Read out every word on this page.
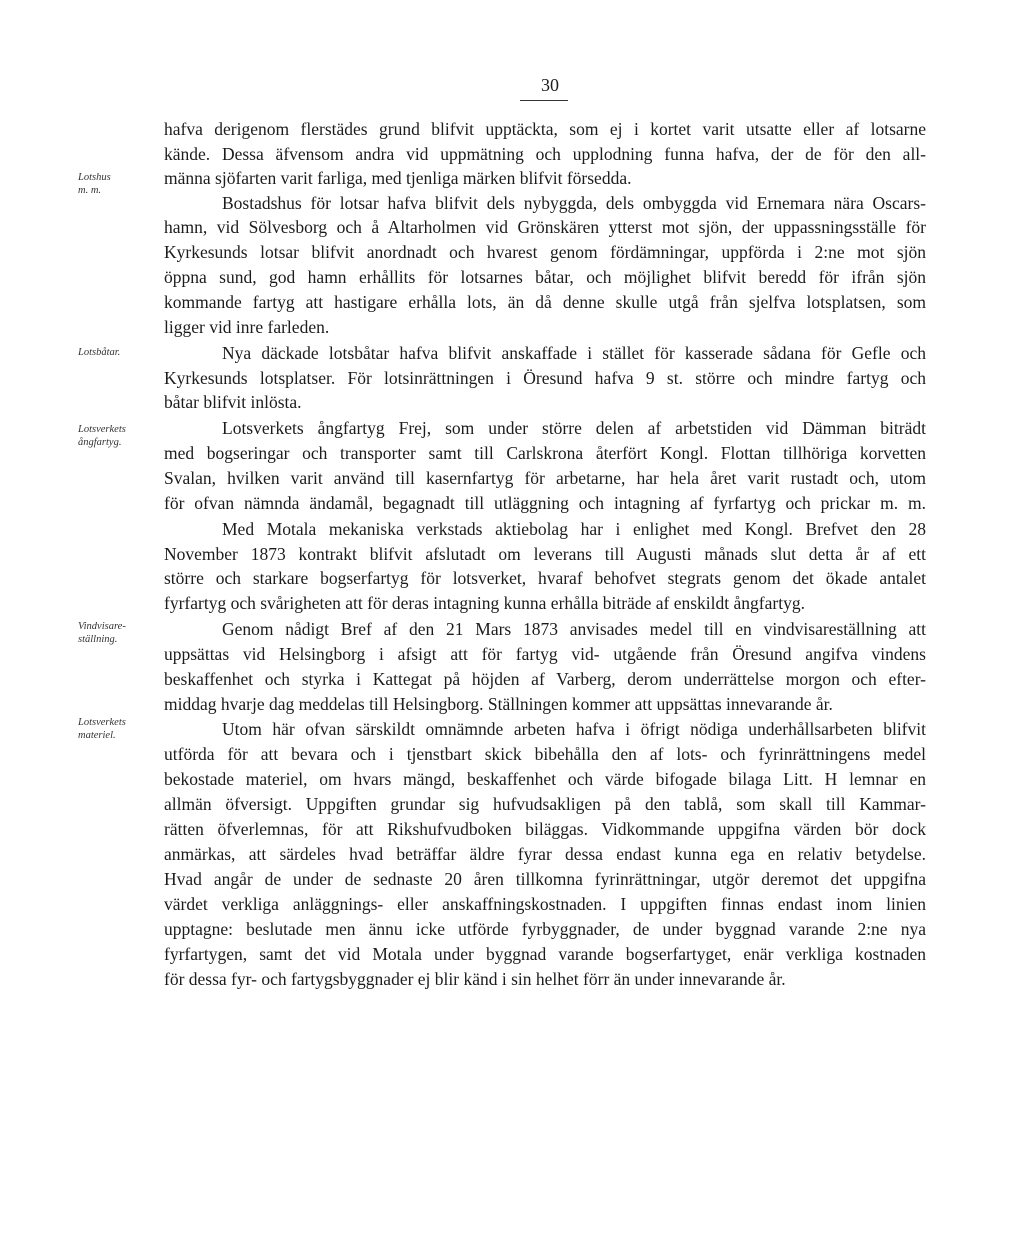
30
Lotshus
m. m.
Lotsbåtar.
Lotsverkets
ångfartyg.
Vindvisare-
ställning.
Lotsverkets
materiel.
hafva derigenom flerstädes grund blifvit upptäckta, som ej i kortet varit utsatte eller af lotsarne
kände. Dessa äfvensom andra vid uppmätning och upplodning funna hafva, der de för den all-
männa sjöfarten varit farliga, med tjenliga märken blifvit försedda.
Bostadshus för lotsar hafva blifvit dels nybyggda, dels ombyggda vid Ernemara nära Oscars-
hamn, vid Sölvesborg och å Altarholmen vid Grönskären ytterst mot sjön, der uppassningsställe för
Kyrkesunds lotsar blifvit anordnadt och hvarest genom fördämningar, uppförda i 2:ne mot sjön
öppna sund, god hamn erhållits för lotsarnes båtar, och möjlighet blifvit beredd för ifrån sjön
kommande fartyg att hastigare erhålla lots, än då denne skulle utgå från sjelfva lotsplatsen, som
ligger vid inre farleden.
Nya däckade lotsbåtar hafva blifvit anskaffade i stället för kasserade sådana för Gefle och
Kyrkesunds lotsplatser. För lotsinrättningen i Öresund hafva 9 st. större och mindre fartyg och
båtar blifvit inlösta.
Lotsverkets ångfartyg Frej, som under större delen af arbetstiden vid Dämman biträdt
med bogseringar och transporter samt till Carlskrona återfört Kongl. Flottan tillhöriga korvetten
Svalan, hvilken varit använd till kasernfartyg för arbetarne, har hela året varit rustadt och, utom
för ofvan nämnda ändamål, begagnadt till utläggning och intagning af fyrfartyg och prickar m. m.
Med Motala mekaniska verkstads aktiebolag har i enlighet med Kongl. Brefvet den 28
November 1873 kontrakt blifvit afslutadt om leverans till Augusti månads slut detta år af ett
större och starkare bogserfartyg för lotsverket, hvaraf behofvet stegrats genom det ökade antalet
fyrfartyg och svårigheten att för deras intagning kunna erhålla biträde af enskildt ångfartyg.
Genom nådigt Bref af den 21 Mars 1873 anvisades medel till en vindvisareställning att
uppsättas vid Helsingborg i afsigt att för fartyg vid- utgående från Öresund angifva vindens
beskaffenhet och styrka i Kattegat på höjden af Varberg, derom underrättelse morgon och efter-
middag hvarje dag meddelas till Helsingborg. Ställningen kommer att uppsättas innevarande år.
Utom här ofvan särskildt omnämnde arbeten hafva i öfrigt nödiga underhållsarbeten blifvit
utförda för att bevara och i tjenstbart skick bibehålla den af lots- och fyrinrättningens medel
bekostade materiel, om hvars mängd, beskaffenhet och värde bifogade bilaga Litt. H lemnar en
allmän öfversigt. Uppgiften grundar sig hufvudsakligen på den tablå, som skall till Kammar-
rätten öfverlemnas, för att Rikshufvudboken biläggas. Vidkommande uppgifna värden bör dock
anmärkas, att särdeles hvad beträffar äldre fyrar dessa endast kunna ega en relativ betydelse.
Hvad angår de under de sednaste 20 åren tillkomna fyrinrättningar, utgör deremot det uppgifna
värdet verkliga anläggnings- eller anskaffningskostnaden. I uppgiften finnas endast inom linien
upptagne: beslutade men ännu icke utförde fyrbyggnader, de under byggnad varande 2:ne nya
fyrfartygen, samt det vid Motala under byggnad varande bogserfartyget, enär verkliga kostnaden
för dessa fyr- och fartygsbyggnader ej blir känd i sin helhet förr än under innevarande år.
